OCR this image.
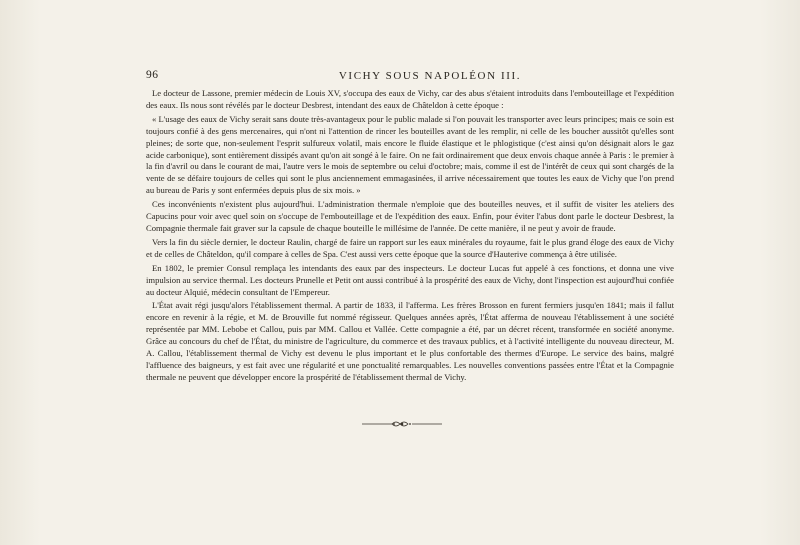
96	VICHY SOUS NAPOLÉON III.

Le docteur de Lassone, premier médecin de Louis XV, s'occupa des eaux de Vichy, car des abus s'étaient introduits dans l'embouteillage et l'expédition des eaux. Ils nous sont révélés par le docteur Desbrest, intendant des eaux de Châteldon à cette époque :

« L'usage des eaux de Vichy serait sans doute très-avantageux pour le public malade si l'on pouvait les transporter avec leurs principes; mais ce soin est toujours confié à des gens mercenaires, qui n'ont ni l'attention de rincer les bouteilles avant de les remplir, ni celle de les boucher aussitôt qu'elles sont pleines; de sorte que, non-seulement l'esprit sulfureux volatil, mais encore le fluide élastique et le phlogistique (c'est ainsi qu'on désignait alors le gaz acide carbonique), sont entièrement dissipés avant qu'on ait songé à le faire. On ne fait ordinairement que deux envois chaque année à Paris : le premier à la fin d'avril ou dans le courant de mai, l'autre vers le mois de septembre ou celui d'octobre; mais, comme il est de l'intérêt de ceux qui sont chargés de la vente de se défaire toujours de celles qui sont le plus anciennement emmagasinées, il arrive nécessairement que toutes les eaux de Vichy que l'on prend au bureau de Paris y sont enfermées depuis plus de six mois. »

Ces inconvénients n'existent plus aujourd'hui. L'administration thermale n'emploie que des bouteilles neuves, et il suffit de visiter les ateliers des Capucins pour voir avec quel soin on s'occupe de l'embouteillage et de l'expédition des eaux. Enfin, pour éviter l'abus dont parle le docteur Desbrest, la Compagnie thermale fait graver sur la capsule de chaque bouteille le millésime de l'année. De cette manière, il ne peut y avoir de fraude.

Vers la fin du siècle dernier, le docteur Raulin, chargé de faire un rapport sur les eaux minérales du royaume, fait le plus grand éloge des eaux de Vichy et de celles de Châteldon, qu'il compare à celles de Spa. C'est aussi vers cette époque que la source d'Hauterive commença à être utilisée.

En 1802, le premier Consul remplaça les intendants des eaux par des inspecteurs. Le docteur Lucas fut appelé à ces fonctions, et donna une vive impulsion au service thermal. Les docteurs Prunelle et Petit ont aussi contribué à la prospérité des eaux de Vichy, dont l'inspection est aujourd'hui confiée au docteur Alquié, médecin consultant de l'Empereur.

L'État avait régi jusqu'alors l'établissement thermal. A partir de 1833, il l'afferma. Les frères Brosson en furent fermiers jusqu'en 1841; mais il fallut encore en revenir à la régie, et M. de Brouville fut nommé régisseur. Quelques années après, l'État afferma de nouveau l'établissement à une société représentée par MM. Lebobe et Callou, puis par MM. Callou et Vallée. Cette compagnie a été, par un décret récent, transformée en société anonyme. Grâce au concours du chef de l'État, du ministre de l'agriculture, du commerce et des travaux publics, et à l'activité intelligente du nouveau directeur, M. A. Callou, l'établissement thermal de Vichy est devenu le plus important et le plus confortable des thermes d'Europe. Le service des bains, malgré l'affluence des baigneurs, y est fait avec une régularité et une ponctualité remarquables. Les nouvelles conventions passées entre l'État et la Compagnie thermale ne peuvent que développer encore la prospérité de l'établissement thermal de Vichy.
